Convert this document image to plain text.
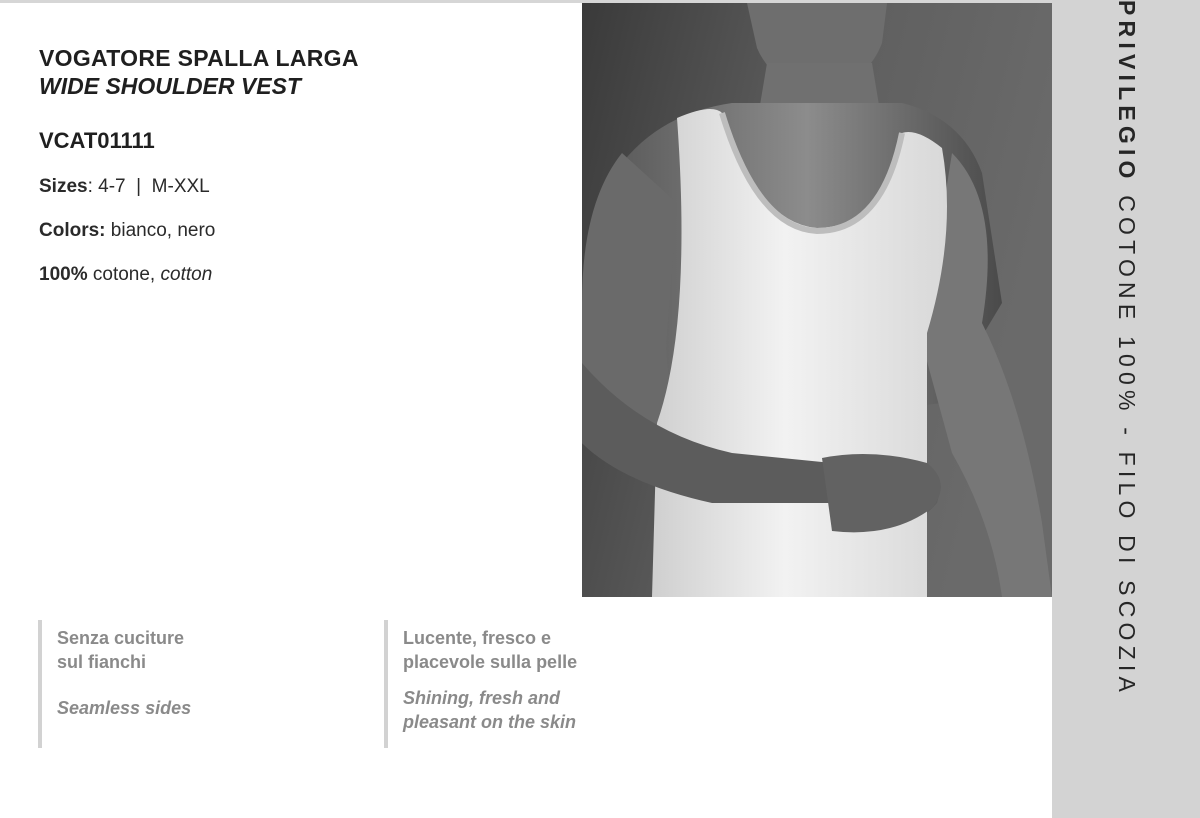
VOGATORE SPALLA LARGA
WIDE SHOULDER VEST
VCAT01111
Sizes: 4-7  |  M-XXL
Colors: bianco, nero
100% cotone, cotton
PRIVILEGIO COTONE 100% - FILO DI SCOZIA
Senza cuciture
sul fianchi
Seamless sides
Lucente, fresco e
placevole sulla pelle
Shining, fresh and
pleasant on the skin
